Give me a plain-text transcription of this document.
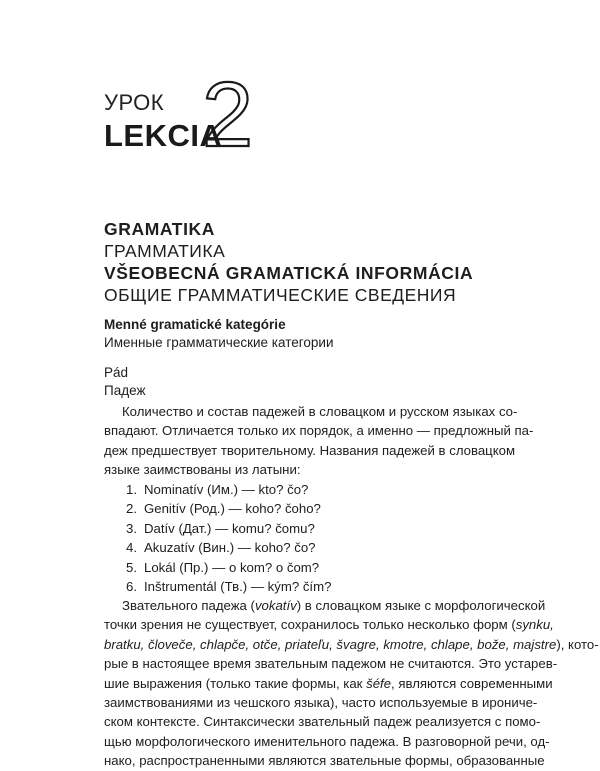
УРОК
LEKCIA
2
GRAMATIKA
ГРАММАТИКА
VŠEOBECNÁ GRAMATICKÁ INFORMÁCIA
ОБЩИЕ ГРАММАТИЧЕСКИЕ СВЕДЕНИЯ
Menné gramatické kategórie
Именные грамматические категории
Pád
Падеж
Количество и состав падежей в словацком и русском языках со-
впадают. Отличается только их порядок, а именно — предложный па-
деж предшествует творительному. Названия падежей в словацком
языке заимствованы из латыни:
1. Nominatív (Им.) — kto? čo?
2. Genitív (Род.) — koho? čoho?
3. Datív (Дат.) — komu? čomu?
4. Akuzatív (Вин.) — koho? čo?
5. Lokál (Пр.) — o kom? o čom?
6. Inštrumentál (Тв.) — kým? čím?
Звательного падежа (vokatív) в словацком языке с морфологической
точки зрения не существует, сохранилось только несколько форм (synku,
bratku, človeče, chlapče, otče, priateľu, švagre, kmotre, chlape, bože, majstre), кото-
рые в настоящее время звательным падежом не считаются. Это устарев-
шие выражения (только такие формы, как šéfe, являются современными
заимствованиями из чешского языка), часто используемые в ирониче-
ском контексте. Синтаксически звательный падеж реализуется с помо-
щью морфологического именительного падежа. В разговорной речи, од-
нако, распространенными являются звательные формы, образованные
